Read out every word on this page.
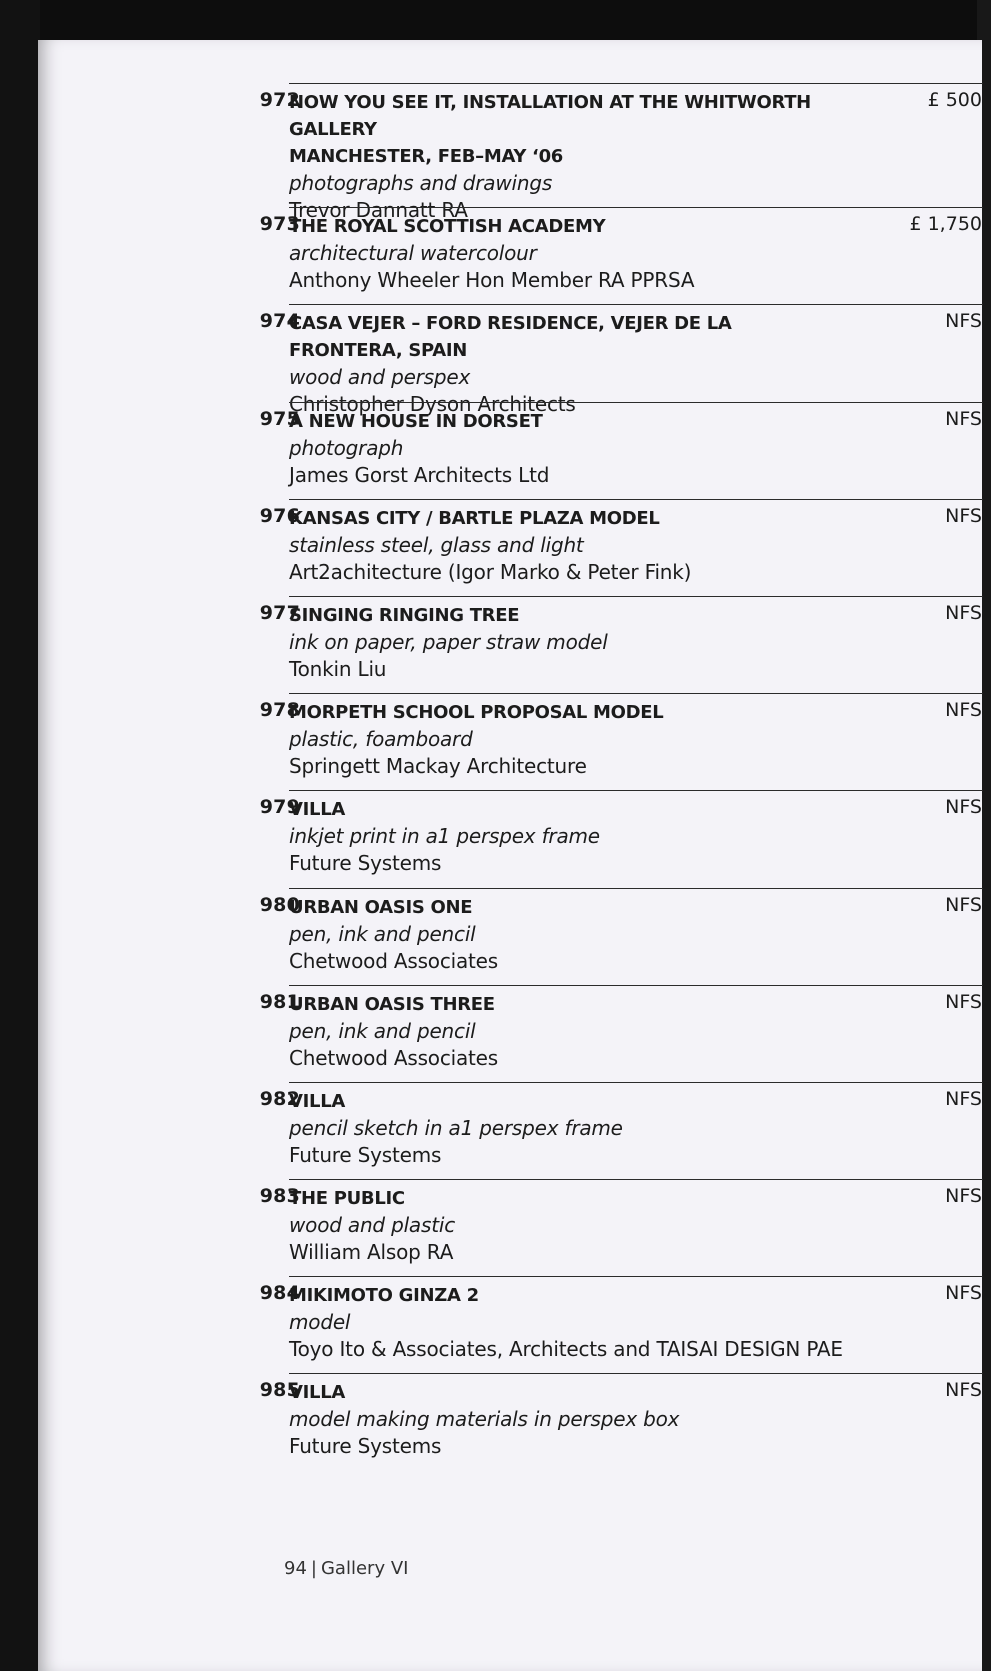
972
NOW YOU SEE IT, INSTALLATION AT THE WHITWORTH GALLERY
MANCHESTER, FEB–MAY ‘06
photographs and drawings
Trevor Dannatt RA
£ 500
973
THE ROYAL SCOTTISH ACADEMY
architectural watercolour
Anthony Wheeler Hon Member RA PPRSA
£ 1,750
974
CASA VEJER – FORD RESIDENCE, VEJER DE LA FRONTERA, SPAIN
wood and perspex
Christopher Dyson Architects
NFS
975
A NEW HOUSE IN DORSET
photograph
James Gorst Architects Ltd
NFS
976
KANSAS CITY / BARTLE PLAZA MODEL
stainless steel, glass and light
Art2achitecture (Igor Marko & Peter Fink)
NFS
977
SINGING RINGING TREE
ink on paper, paper straw model
Tonkin Liu
NFS
978
MORPETH SCHOOL PROPOSAL MODEL
plastic, foamboard
Springett Mackay Architecture
NFS
979
VILLA
inkjet print in a1 perspex frame
Future Systems
NFS
980
URBAN OASIS ONE
pen, ink and pencil
Chetwood Associates
NFS
981
URBAN OASIS THREE
pen, ink and pencil
Chetwood Associates
NFS
982
VILLA
pencil sketch in a1 perspex frame
Future Systems
NFS
983
THE PUBLIC
wood and plastic
William Alsop RA
NFS
984
MIKIMOTO GINZA 2
model
Toyo Ito & Associates, Architects and TAISAI DESIGN PAE
NFS
985
VILLA
model making materials in perspex box
Future Systems
NFS
94 | Gallery VI
